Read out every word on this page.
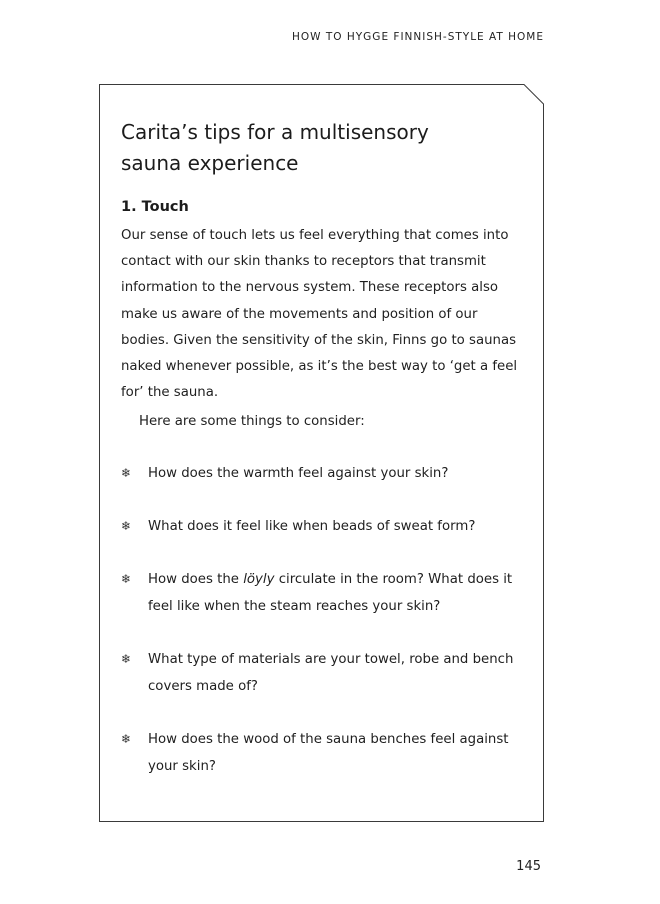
HOW TO HYGGE FINNISH-STYLE AT HOME
Carita’s tips for a multisensory
sauna experience
1. Touch

Our sense of touch lets us feel everything that comes into contact with our skin thanks to receptors that transmit information to the nervous system. These receptors also make us aware of the movements and position of our bodies. Given the sensitivity of the skin, Finns go to saunas naked whenever possible, as it’s the best way to ‘get a feel for’ the sauna.

Here are some things to consider:

❄ How does the warmth feel against your skin?
❄ What does it feel like when beads of sweat form?
❄ How does the löyly circulate in the room? What does it feel like when the steam reaches your skin?
❄ What type of materials are your towel, robe and bench covers made of?
❄ How does the wood of the sauna benches feel against your skin?
145
